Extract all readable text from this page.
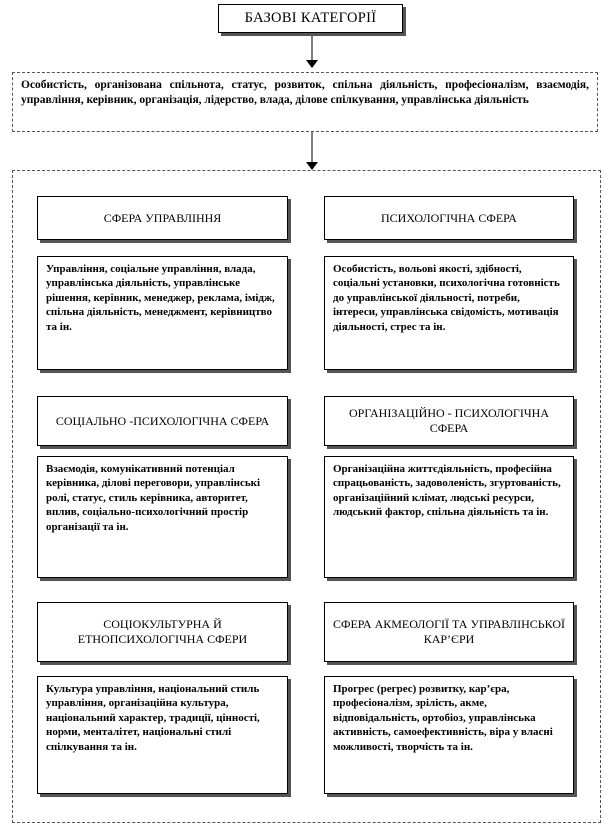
БАЗОВІ КАТЕГОРІЇ
Особистість, організована спільнота, статус, розвиток, спільна діяльність, професіоналізм, взаємодія, управління, керівник, організація, лідерство, влада, ділове спілкування, управлінська діяльність
СФЕРА УПРАВЛІННЯ	ПСИХОЛОГІЧНА СФЕРА
Управління, соціальне управління, влада, управлінська діяльність, управлінське рішення, керівник, менеджер, реклама, імідж, спільна діяльність, менеджмент, керівництво та ін.
Особистість, вольові якості, здібності, соціальні установки, психологічна готовність до управлінської діяльності, потреби, інтереси, управлінська свідомість, мотивація діяльності, стрес та ін.
СОЦІАЛЬНО -ПСИХОЛОГІЧНА СФЕРА
ОРГАНІЗАЦІЙНО - ПСИХОЛОГІЧНА СФЕРА
Взаємодія, комунікативний потенціал керівника, ділові переговори, управлінські ролі, статус, стиль керівника, авторитет, вплив, соціально-психологічний простір організації та ін.
Організаційна життєдіяльність, професійна спрацьованість, задоволеність, згуртованість, організаційний клімат, людські ресурси, людський фактор, спільна діяльність та ін.
СОЦІОКУЛЬТУРНА Й ЕТНОПСИХОЛОГІЧНА СФЕРИ
СФЕРА АКМЕОЛОГІЇ ТА УПРАВЛІНСЬКОЇ КАР’ЄРИ
Культура управління, національний стиль управління, організаційна культура, національний характер, традиції, цінності, норми, менталітет, національні стилі спілкування та ін.
Прогрес (регрес) розвитку, кар’єра, професіоналізм, зрілість, акме, відповідальність, ортобіоз, управлінська активність, самоефективність, віра у власні можливості, творчість та ін.
